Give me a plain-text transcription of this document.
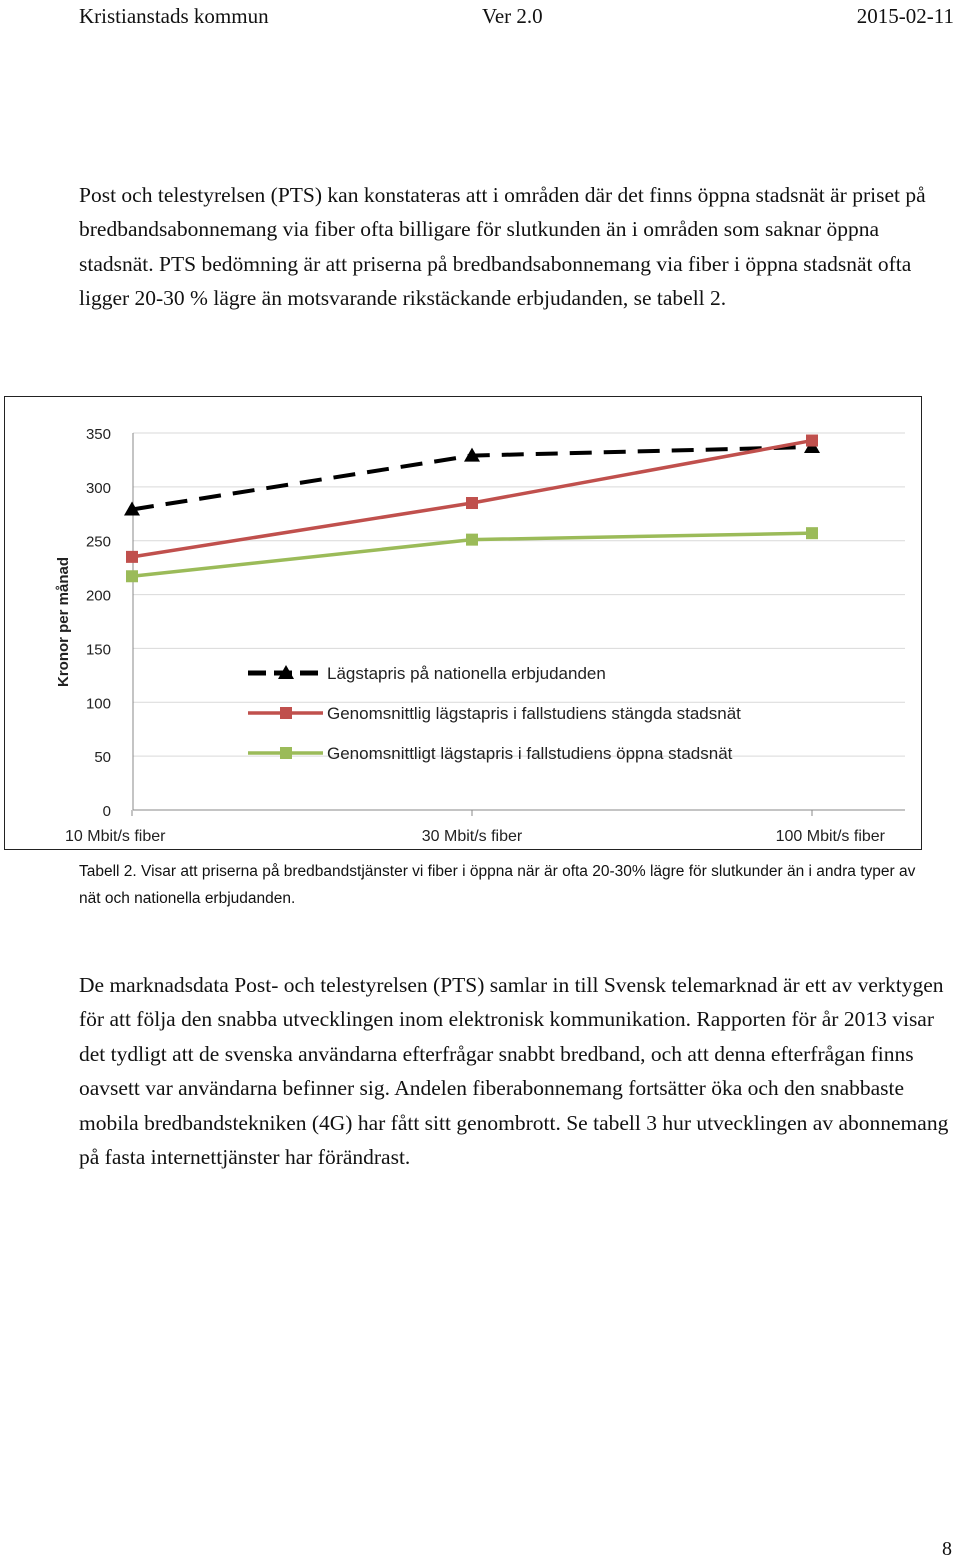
Kristianstads kommun	Ver 2.0	2015-02-11

Post och telestyrelsen (PTS) kan konstateras att i områden där det finns öppna stadsnät är priset på bredbandsabonnemang via fiber ofta billigare för slutkunden än i områden som saknar öppna stadsnät. PTS bedömning är att priserna på bredbandsabonnemang via fiber i öppna stadsnät ofta ligger 20-30 % lägre än motsvarande rikstäckande erbjudanden, se tabell 2.

0
50
100
150
200
250
300
350
10 Mbit/s fiber	30 Mbit/s fiber	100 Mbit/s fiber
Kronor per månad	Lägstapris på nationella erbjudanden
Genomsnittlig lägstapris i fallstudiens stängda stadsnät
Genomsnittligt lägstapris i fallstudiens öppna stadsnät

Tabell 2. Visar att priserna på bredbandstjänster vi fiber i öppna när är ofta 20-30% lägre för slutkunder än i andra typer av nät och nationella erbjudanden.

De marknadsdata Post- och telestyrelsen (PTS) samlar in till Svensk telemarknad är ett av verktygen för att följa den snabba utvecklingen inom elektronisk kommunikation. Rapporten för år 2013 visar det tydligt att de svenska användarna efterfrågar snabbt bredband, och att denna efterfrågan finns oavsett var användarna befinner sig. Andelen fiberabonnemang fortsätter öka och den snabbaste mobila bredbandstekniken (4G) har fått sitt genombrott. Se tabell 3 hur utvecklingen av abonnemang på fasta internettjänster har förändrast.

8
